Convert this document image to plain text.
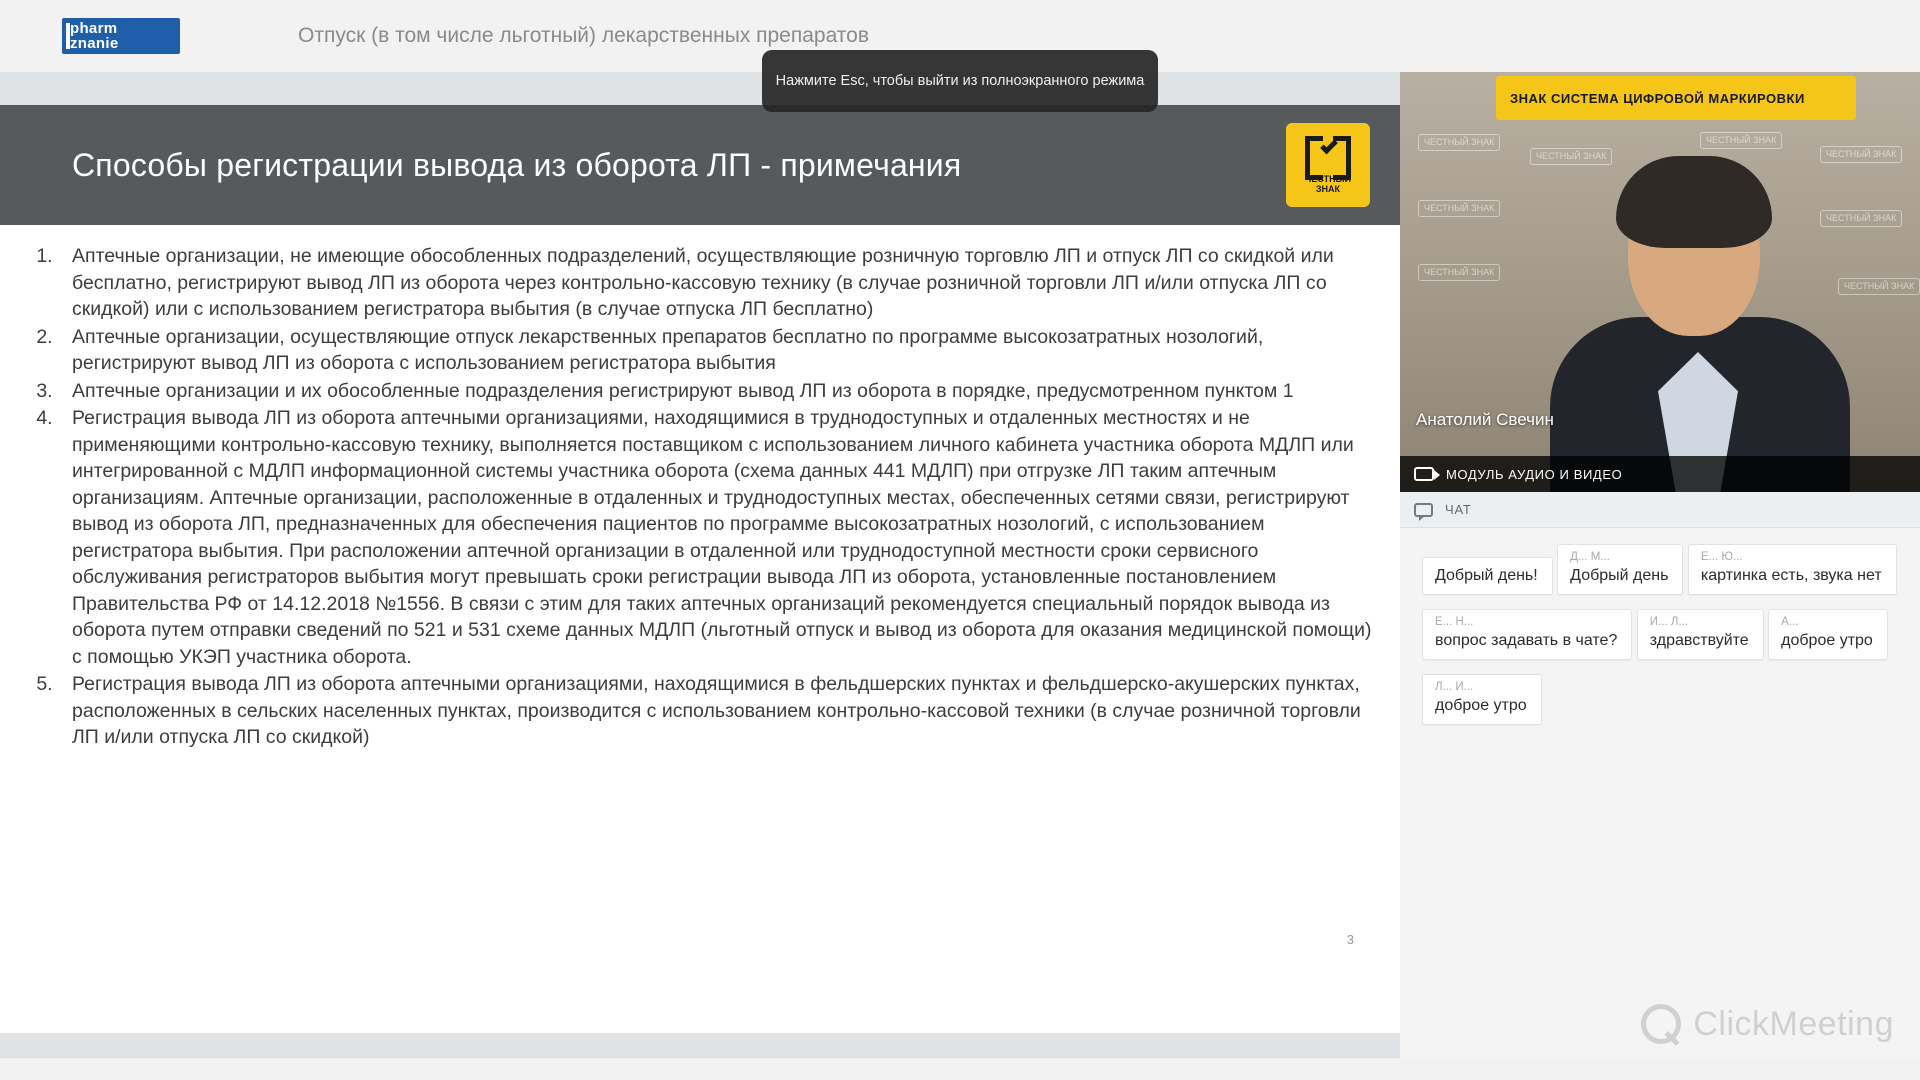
pharm
znanie	Отпуск (в том числе льготный) лекарственных препаратов
Нажмите Esc, чтобы выйти из полноэкранного режима
Способы регистрации вывода из оборота ЛП - примечания	ЧЕСТНЫЙ
ЗНАК
1. Аптечные организации, не имеющие обособленных подразделений, осуществляющие розничную торговлю ЛП и отпуск ЛП со скидкой или бесплатно, регистрируют вывод ЛП из оборота через контрольно-кассовую технику (в случае розничной торговли ЛП и/или отпуска ЛП со скидкой) или с использованием регистратора выбытия (в случае отпуска ЛП бесплатно)
2. Аптечные организации, осуществляющие отпуск лекарственных препаратов бесплатно по программе высокозатратных нозологий, регистрируют вывод ЛП из оборота с использованием регистратора выбытия
3. Аптечные организации и их обособленные подразделения регистрируют вывод ЛП из оборота в порядке, предусмотренном пунктом 1
4. Регистрация вывода ЛП из оборота аптечными организациями, находящимися в труднодоступных и отдаленных местностях и не применяющими контрольно-кассовую технику, выполняется поставщиком с использованием личного кабинета участника оборота МДЛП или интегрированной с МДЛП информационной системы участника оборота (схема данных 441 МДЛП) при отгрузке ЛП таким аптечным организациям. Аптечные организации, расположенные в отдаленных и труднодоступных местах, обеспеченных сетями связи, регистрируют вывод из оборота ЛП, предназначенных для обеспечения пациентов по программе высокозатратных нозологий, с использованием регистратора выбытия. При расположении аптечной организации в отдаленной или труднодоступной местности сроки сервисного обслуживания регистраторов выбытия могут превышать сроки регистрации вывода ЛП из оборота, установленные постановлением Правительства РФ от 14.12.2018 №1556. В связи с этим для таких аптечных организаций рекомендуется специальный порядок вывода из оборота путем отправки сведений по 521 и 531 схеме данных МДЛП (льготный отпуск и вывод из оборота для оказания медицинской помощи) с помощью УКЭП участника оборота.
5. Регистрация вывода ЛП из оборота аптечными организациями, находящимися в фельдшерских пунктах и фельдшерско-акушерских пунктах, расположенных в сельских населенных пунктах, производится с использованием контрольно-кассовой техники (в случае розничной торговли ЛП и/или отпуска ЛП со скидкой)
3
ЗНАК СИСТЕМА ЦИФРОВОЙ МАРКИРОВКИ
ЧЕСТНЫЙ ЗНАК
ЧЕСТНЫЙ ЗНАК
ЧЕСТНЫЙ ЗНАК
ЧЕСТНЫЙ ЗНАК
ЧЕСТНЫЙ ЗНАК
ЧЕСТНЫЙ ЗНАК
ЧЕСТНЫЙ ЗНАК
ЧЕСТНЫЙ ЗНАК
Анатолий Свечин
МОДУЛЬ АУДИО И ВИДЕО
ЧАТ
Добрый день!

Д... М...
Добрый день

Е... Ю...
картинка есть, звука нет

Е... Н...
вопрос задавать в чате?

И... Л...
здравствуйте

А...
доброе утро

Л... И...
доброе утро
ClickMeeting
